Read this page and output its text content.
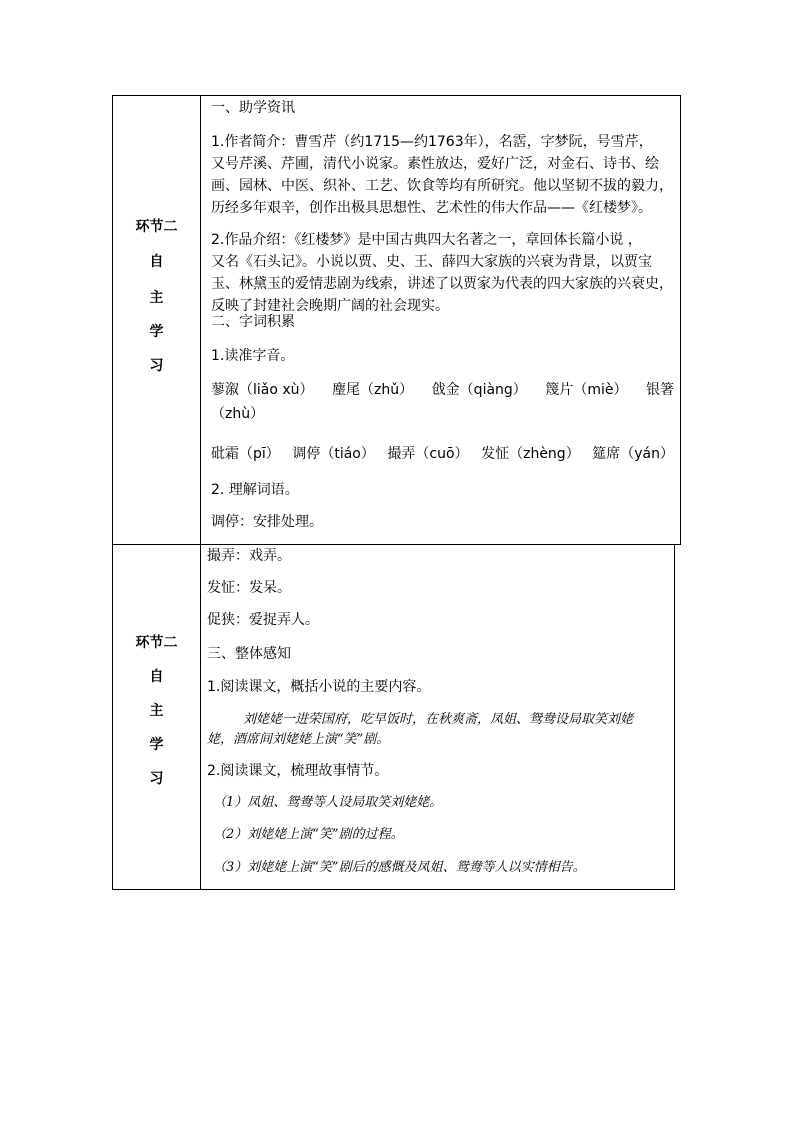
环节二
自
主
学
习
一、助学资讯
1.作者简介：曹雪芹（约1715—约1763年），名霑，字梦阮，号雪芹，
又号芹溪、芹圃，清代小说家。素性放达，爱好广泛，对金石、诗书、绘
画、园林、中医、织补、工艺、饮食等均有所研究。他以坚韧不拔的毅力，
历经多年艰辛，创作出极具思想性、艺术性的伟大作品——《红楼梦》。
2.作品介绍：《红楼梦》是中国古典四大名著之一，章回体长篇小说 ，
又名《石头记》。小说以贾、史、王、薛四大家族的兴衰为背景，以贾宝
玉、林黛玉的爱情悲剧为线索，讲述了以贾家为代表的四大家族的兴衰史，
反映了封建社会晚期广阔的社会现实。
二、字词积累
1.读准字音。
蓼溆（liǎo xù） 麈尾（zhǔ） 戗金（qiàng） 篾片（miè） 银箸
（zhù）
砒霜（pī） 调停（tiáo） 撮弄（cuō） 发怔（zhèng） 筵席（yán）
2. 理解词语。
调停：安排处理。
环节二
自
主
学
习
撮弄：戏弄。
发怔：发呆。
促狭：爱捉弄人。
三、整体感知
1.阅读课文，概括小说的主要内容。
刘姥姥一进荣国府，吃早饭时，在秋爽斋，凤姐、鸳鸯设局取笑刘姥
姥，酒席间刘姥姥上演“笑”剧。
2.阅读课文，梳理故事情节。
（1）凤姐、鸳鸯等人设局取笑刘姥姥。
（2）刘姥姥上演“笑”剧的过程。
（3）刘姥姥上演“笑”剧后的感慨及凤姐、鸳鸯等人以实情相告。
